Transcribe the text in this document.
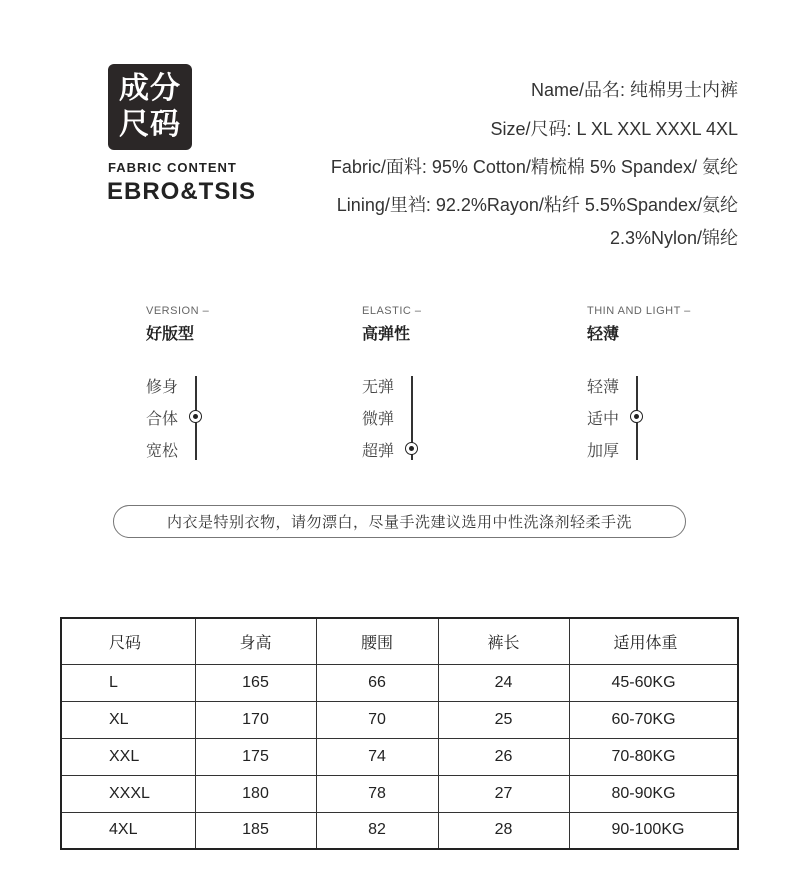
成分
尺码
FABRIC CONTENT
EBRO&TSIS
Name/品名: 纯棉男士内裤
Size/尺码: L XL XXL XXXL 4XL
Fabric/面料: 95% Cotton/精梳棉 5% Spandex/ 氨纶
Lining/里裆: 92.2%Rayon/粘纤 5.5%Spandex/氨纶
2.3%Nylon/锦纶
VERSION –
好版型
修身
合体
宽松
ELASTIC –
高弹性
无弹
微弹
超弹
THIN AND LIGHT –
轻薄
轻薄
适中
加厚
内衣是特别衣物，请勿漂白，尽量手洗建议选用中性洗涤剂轻柔手洗
尺码	身高	腰围	裤长	适用体重
L	165	66	24	45-60KG
XL	170	70	25	60-70KG
XXL	175	74	26	70-80KG
XXXL	180	78	27	80-90KG
4XL	185	82	28	90-100KG
